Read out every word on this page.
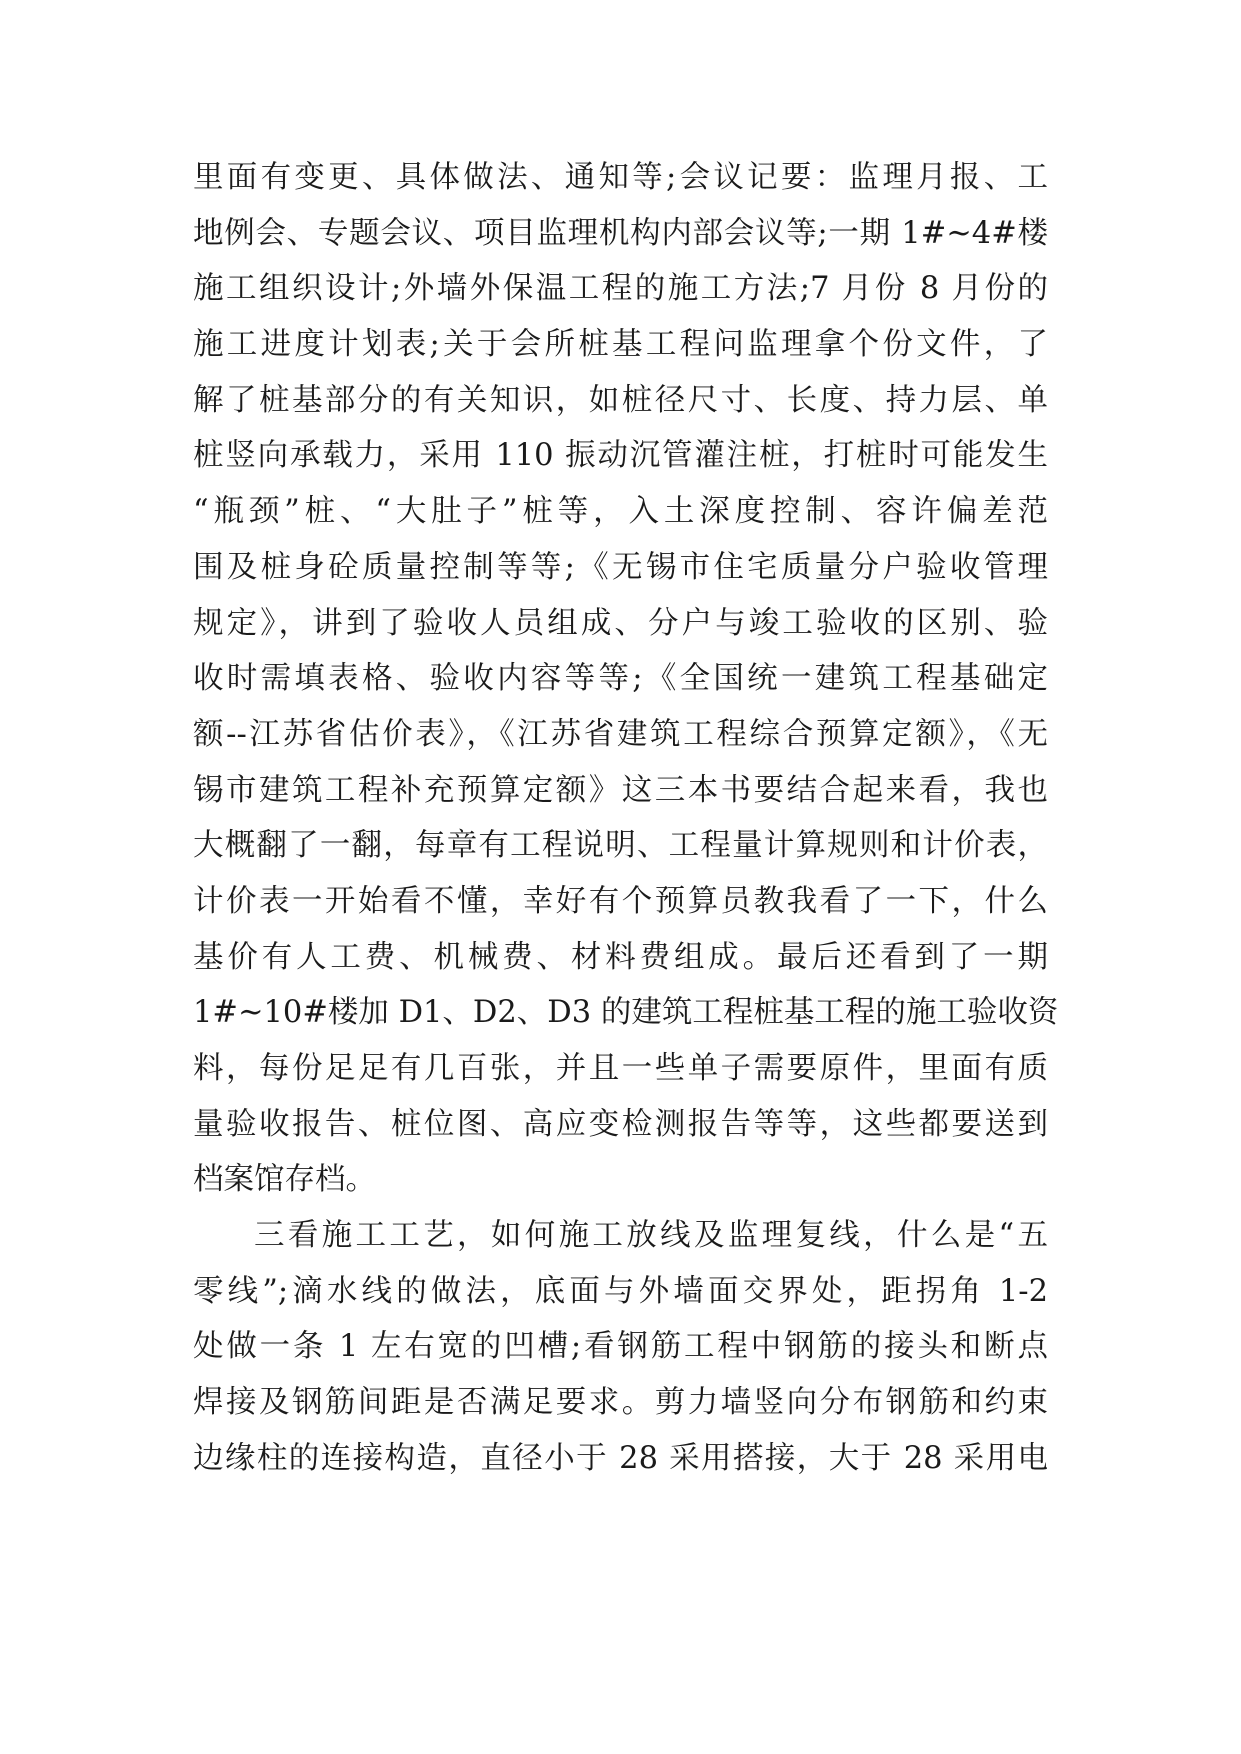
里面有变更、具体做法、通知等;会议记要：监理月报、工
地例会、专题会议、项目监理机构内部会议等;一期 1#~4#楼
施工组织设计;外墙外保温工程的施工方法;7 月份 8 月份的
施工进度计划表;关于会所桩基工程问监理拿个份文件，了
解了桩基部分的有关知识，如桩径尺寸、长度、持力层、单
桩竖向承载力，采用 110 振动沉管灌注桩，打桩时可能发生
“瓶颈”桩、“大肚子”桩等，入土深度控制、容许偏差范
围及桩身砼质量控制等等;《无锡市住宅质量分户验收管理
规定》，讲到了验收人员组成、分户与竣工验收的区别、验
收时需填表格、验收内容等等;《全国统一建筑工程基础定
额--江苏省估价表》，《江苏省建筑工程综合预算定额》，《无
锡市建筑工程补充预算定额》这三本书要结合起来看，我也
大概翻了一翻，每章有工程说明、工程量计算规则和计价表，
计价表一开始看不懂，幸好有个预算员教我看了一下，什么
基价有人工费、机械费、材料费组成。最后还看到了一期
1#~10#楼加 D1、D2、D3 的建筑工程桩基工程的施工验收资
料，每份足足有几百张，并且一些单子需要原件，里面有质
量验收报告、桩位图、高应变检测报告等等，这些都要送到
档案馆存档。
三看施工工艺，如何施工放线及监理复线，什么是“五
零线”;滴水线的做法，底面与外墙面交界处，距拐角 1-2
处做一条 1 左右宽的凹槽;看钢筋工程中钢筋的接头和断点
焊接及钢筋间距是否满足要求。剪力墙竖向分布钢筋和约束
边缘柱的连接构造，直径小于 28 采用搭接，大于 28 采用电
